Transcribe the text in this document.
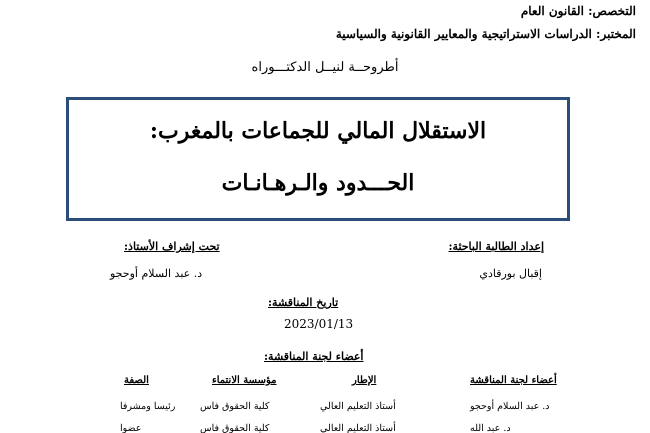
التخصص: القانون العام
المختبر: الدراسات الاستراتيجية والمعايير القانونية والسياسية
أطروحــة لنيــل الدكتـــوراه
الاستقلال المالي للجماعات بالمغرب:
الحـــدود والـرهـانـات
إعداد الطالبة الباحثة:
إقبال بورقادي
تحت إشراف الأستاذ:
د. عبد السلام أوحجو
تاريخ المناقشة:
2023/01/13
أعضاء لجنة المناقشة:
أعضاء لجنة المناقشة
الإطار
مؤسسة الانتماء
الصفة
د. عبد السلام أوحجو
أستاذ التعليم العالي
كلية الحقوق فاس
رئيسا ومشرفا
د. عبد الله
أستاذ التعليم العالي
كلية الحقوق فاس
عضوا
